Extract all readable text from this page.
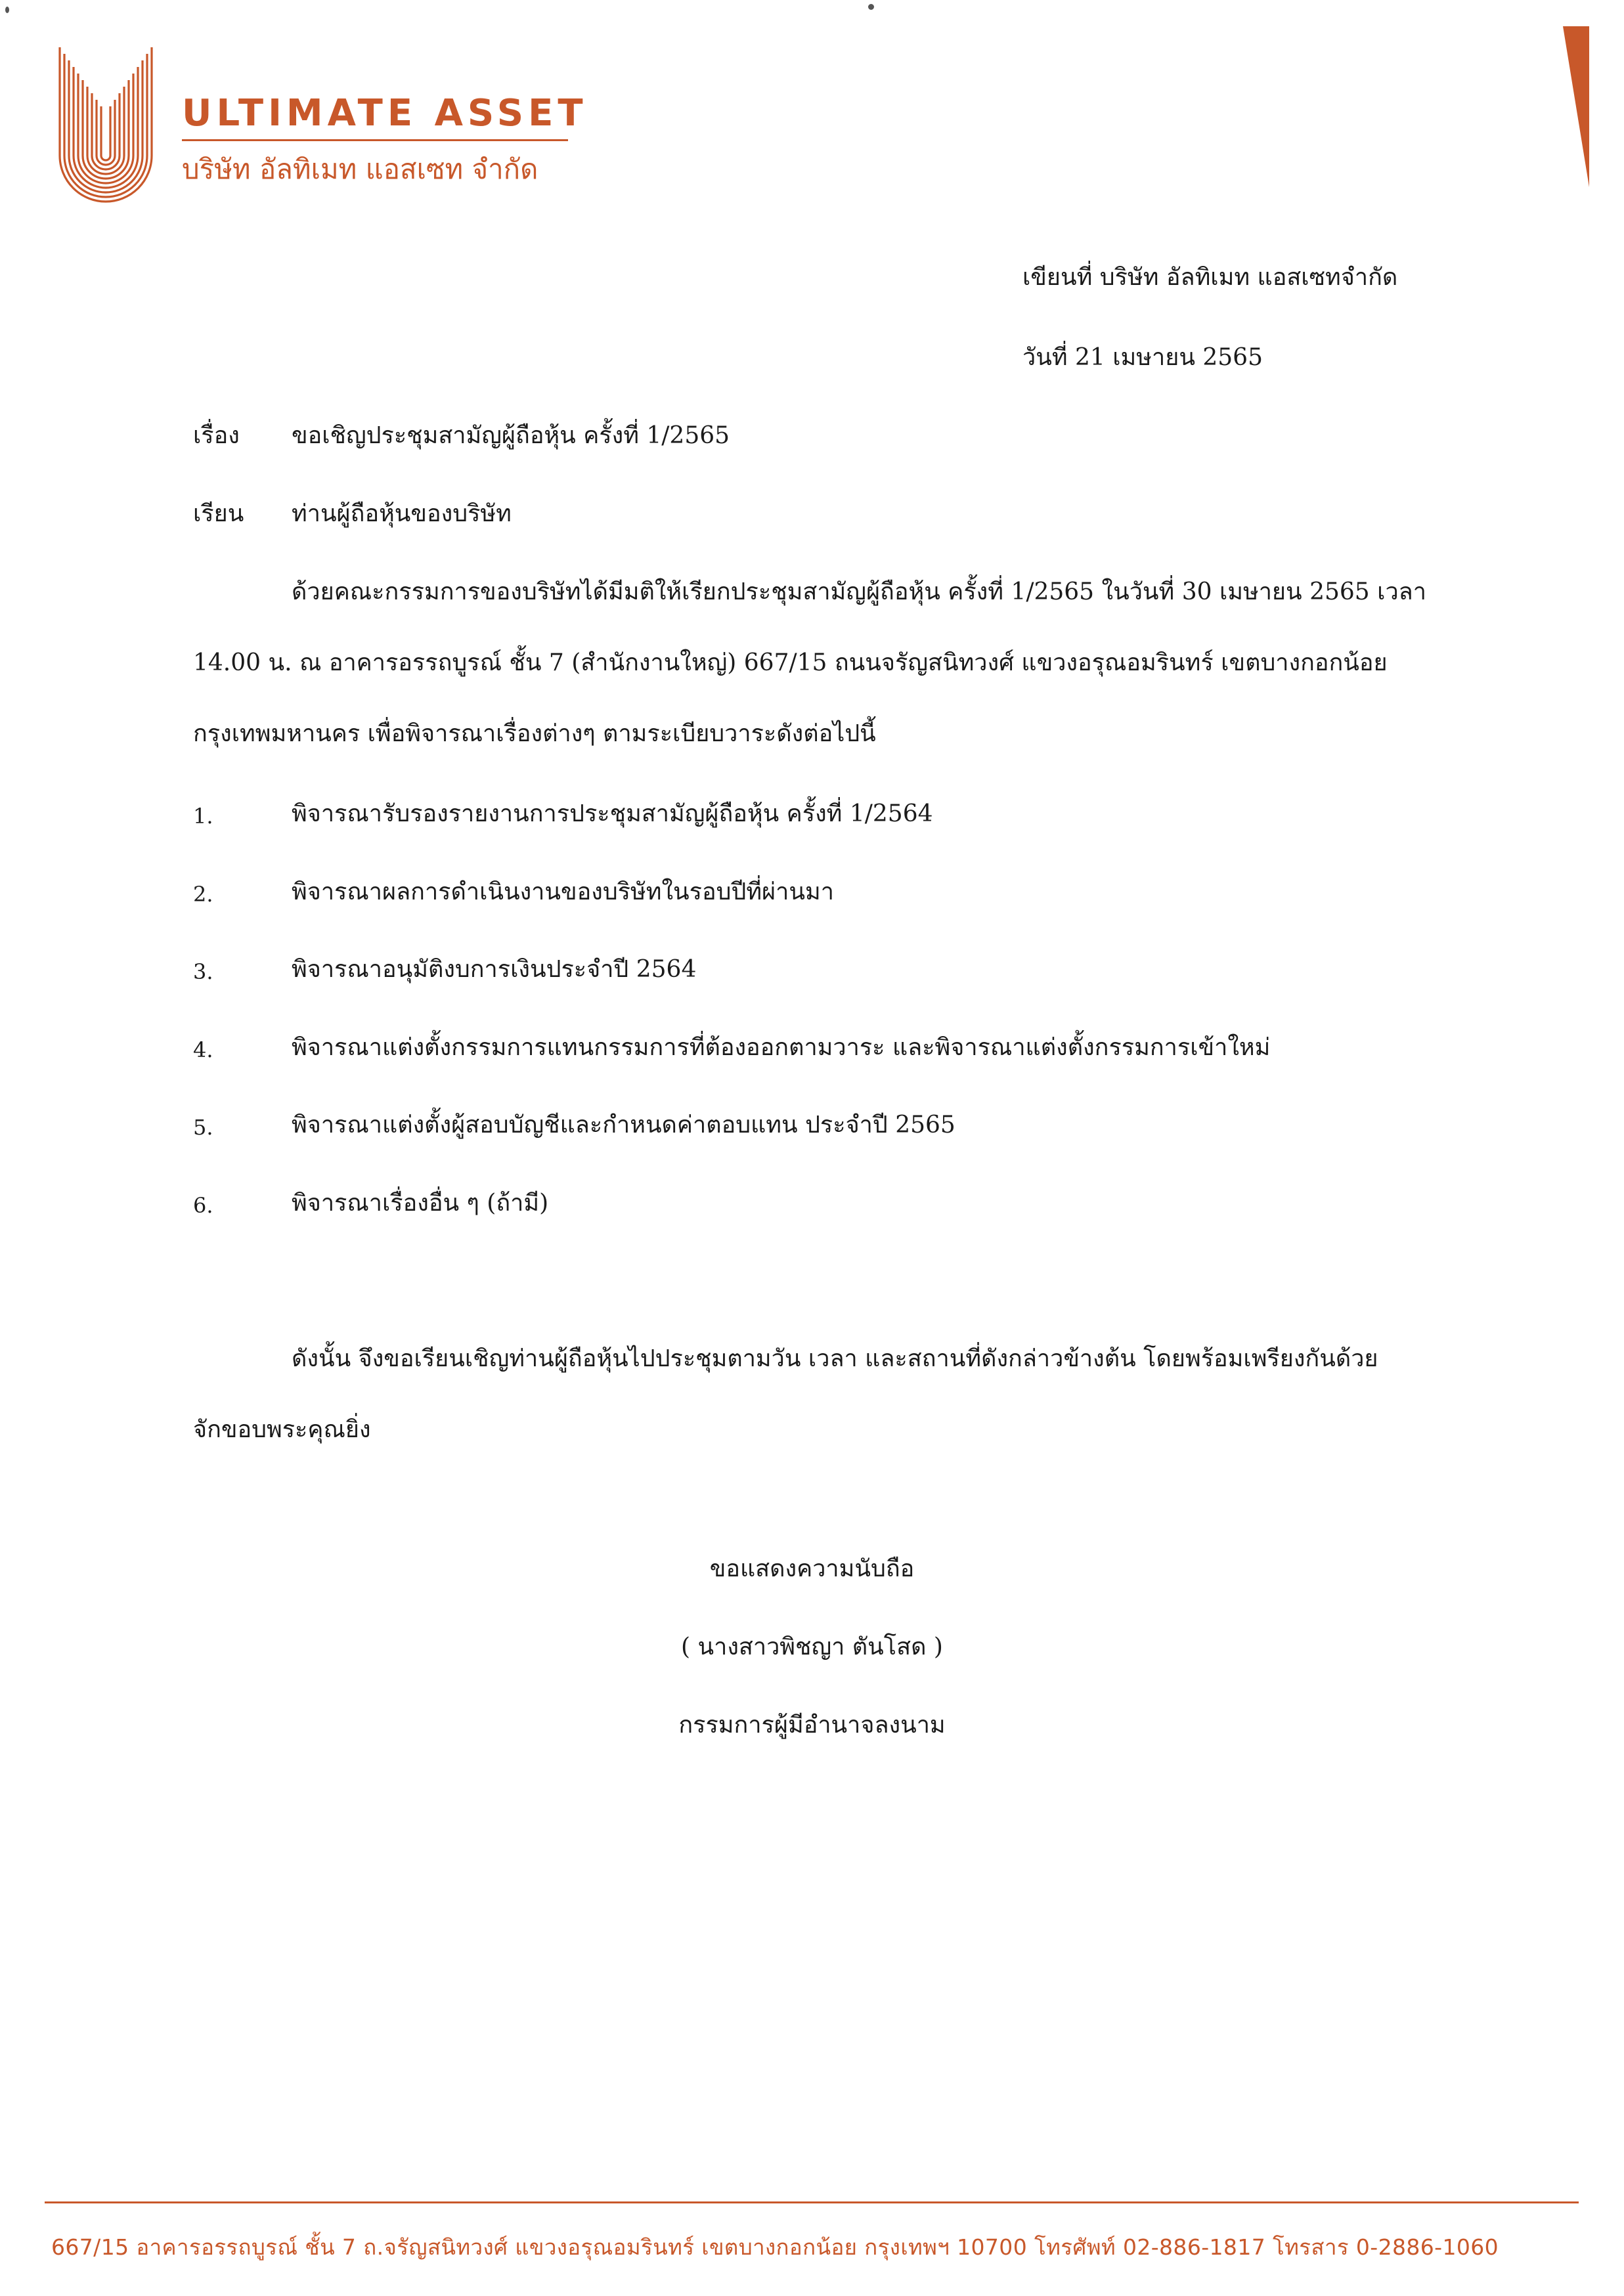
ULTIMATE ASSET
บริษัท อัลทิเมท แอสเซท จำกัด
เขียนที่ บริษัท อัลทิเมท แอสเซทจำกัด
วันที่ 21 เมษายน 2565
เรื่อง ขอเชิญประชุมสามัญผู้ถือหุ้น ครั้งที่ 1/2565
เรียน ท่านผู้ถือหุ้นของบริษัท
ด้วยคณะกรรมการของบริษัทได้มีมติให้เรียกประชุมสามัญผู้ถือหุ้น ครั้งที่ 1/2565 ในวันที่ 30 เมษายน 2565 เวลา
14.00 น. ณ อาคารอรรถบูรณ์ ชั้น 7 (สำนักงานใหญ่) 667/15 ถนนจรัญสนิทวงศ์ แขวงอรุณอมรินทร์ เขตบางกอกน้อย
กรุงเทพมหานคร เพื่อพิจารณาเรื่องต่างๆ ตามระเบียบวาระดังต่อไปนี้
1.	พิจารณารับรองรายงานการประชุมสามัญผู้ถือหุ้น ครั้งที่ 1/2564
2.	พิจารณาผลการดำเนินงานของบริษัทในรอบปีที่ผ่านมา
3.	พิจารณาอนุมัติงบการเงินประจำปี 2564
4.	พิจารณาแต่งตั้งกรรมการแทนกรรมการที่ต้องออกตามวาระ และพิจารณาแต่งตั้งกรรมการเข้าใหม่
5.	พิจารณาแต่งตั้งผู้สอบบัญชีและกำหนดค่าตอบแทน ประจำปี 2565
6.	พิจารณาเรื่องอื่น ๆ (ถ้ามี)
ดังนั้น จึงขอเรียนเชิญท่านผู้ถือหุ้นไปประชุมตามวัน เวลา และสถานที่ดังกล่าวข้างต้น โดยพร้อมเพรียงกันด้วย
จักขอบพระคุณยิ่ง
ขอแสดงความนับถือ
( นางสาวพิชญา ตันโสด )
กรรมการผู้มีอำนาจลงนาม
667/15 อาคารอรรถบูรณ์ ชั้น 7 ถ.จรัญสนิทวงศ์ แขวงอรุณอมรินทร์ เขตบางกอกน้อย กรุงเทพฯ 10700 โทรศัพท์ 02-886-1817 โทรสาร 0-2886-1060
